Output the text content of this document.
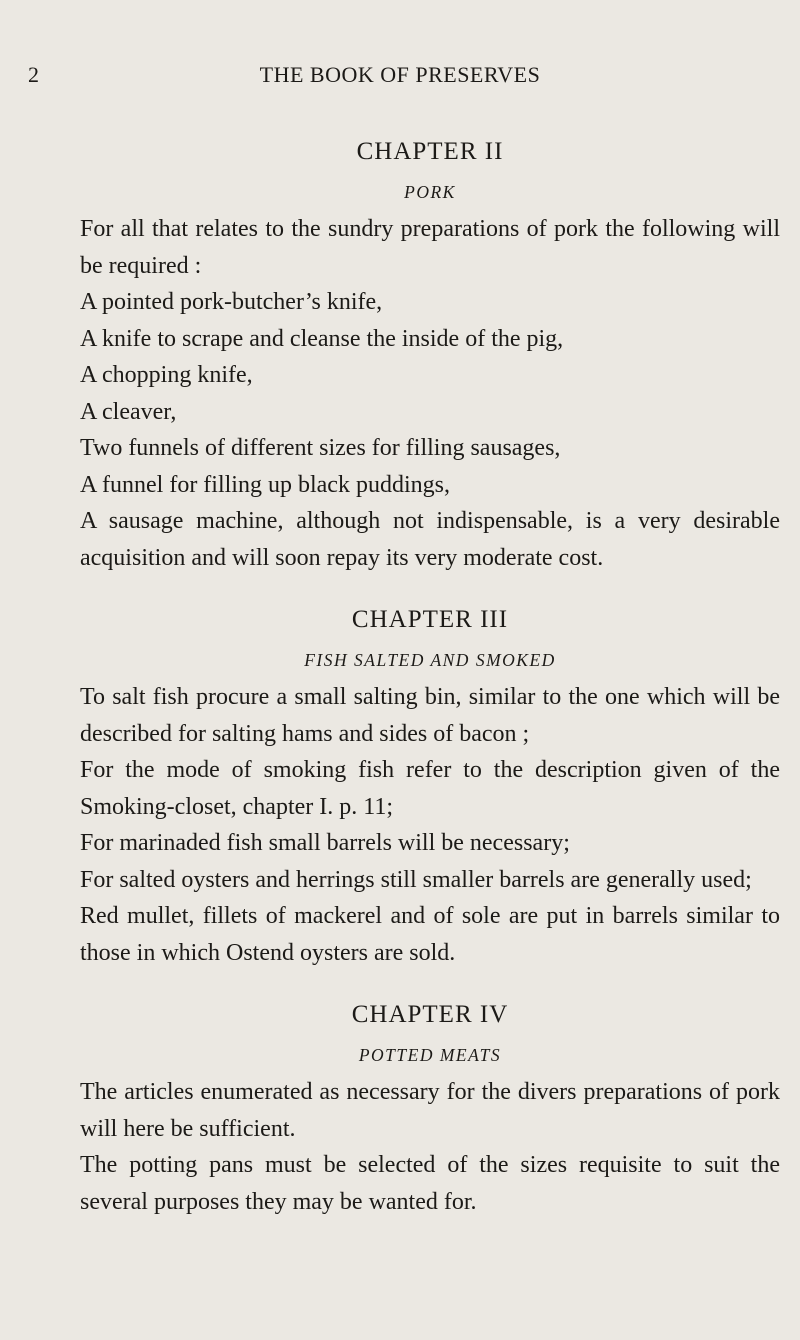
2	THE BOOK OF PRESERVES
CHAPTER II
PORK

For all that relates to the sundry preparations of pork the following will be required :

A pointed pork-butcher’s knife,

A knife to scrape and cleanse the inside of the pig,

A chopping knife,

A cleaver,

Two funnels of different sizes for filling sausages,

A funnel for filling up black puddings,

A sausage machine, although not indispensable, is a very desirable acquisition and will soon repay its very moderate cost.

CHAPTER III
FISH SALTED AND SMOKED

To salt fish procure a small salting bin, similar to the one which will be described for salting hams and sides of bacon ;

For the mode of smoking fish refer to the description given of the Smoking-closet, chapter I. p. 11;

For marinaded fish small barrels will be necessary;

For salted oysters and herrings still smaller barrels are generally used;

Red mullet, fillets of mackerel and of sole are put in barrels similar to those in which Ostend oysters are sold.

CHAPTER IV
POTTED MEATS

The articles enumerated as necessary for the divers preparations of pork will here be sufficient.

The potting pans must be selected of the sizes requisite to suit the several purposes they may be wanted for.
